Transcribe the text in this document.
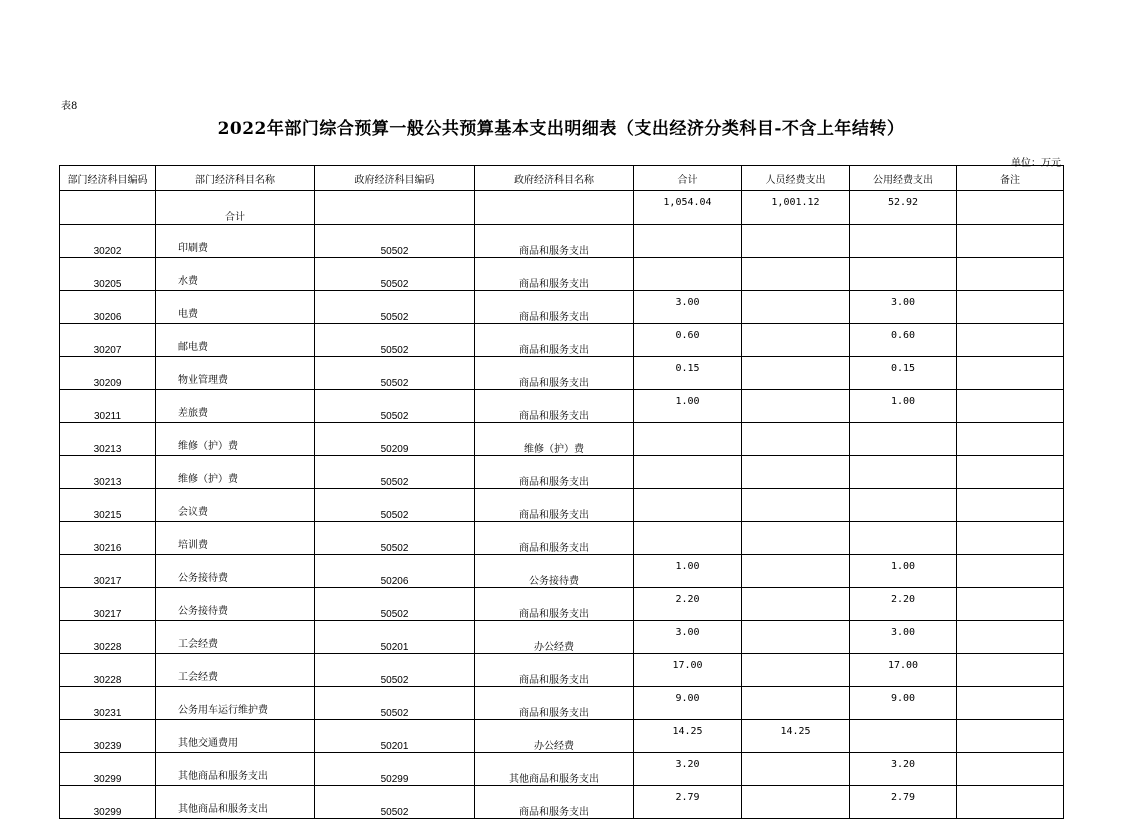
表8
2022年部门综合预算一般公共预算基本支出明细表（支出经济分类科目-不含上年结转）
单位：万元
部门经济科目编码	部门经济科目名称	政府经济科目编码	政府经济科目名称	合计	人员经费支出	公用经费支出	备注
	合计			1,054.04	1,001.12	52.92	
30202	印刷费	50502	商品和服务支出				
30205	水费	50502	商品和服务支出				
30206	电费	50502	商品和服务支出	3.00		3.00	
30207	邮电费	50502	商品和服务支出	0.60		0.60	
30209	物业管理费	50502	商品和服务支出	0.15		0.15	
30211	差旅费	50502	商品和服务支出	1.00		1.00	
30213	维修（护）费	50209	维修（护）费				
30213	维修（护）费	50502	商品和服务支出				
30215	会议费	50502	商品和服务支出				
30216	培训费	50502	商品和服务支出				
30217	公务接待费	50206	公务接待费	1.00		1.00	
30217	公务接待费	50502	商品和服务支出	2.20		2.20	
30228	工会经费	50201	办公经费	3.00		3.00	
30228	工会经费	50502	商品和服务支出	17.00		17.00	
30231	公务用车运行维护费	50502	商品和服务支出	9.00		9.00	
30239	其他交通费用	50201	办公经费	14.25	14.25		
30299	其他商品和服务支出	50299	其他商品和服务支出	3.20		3.20	
30299	其他商品和服务支出	50502	商品和服务支出	2.79		2.79	
